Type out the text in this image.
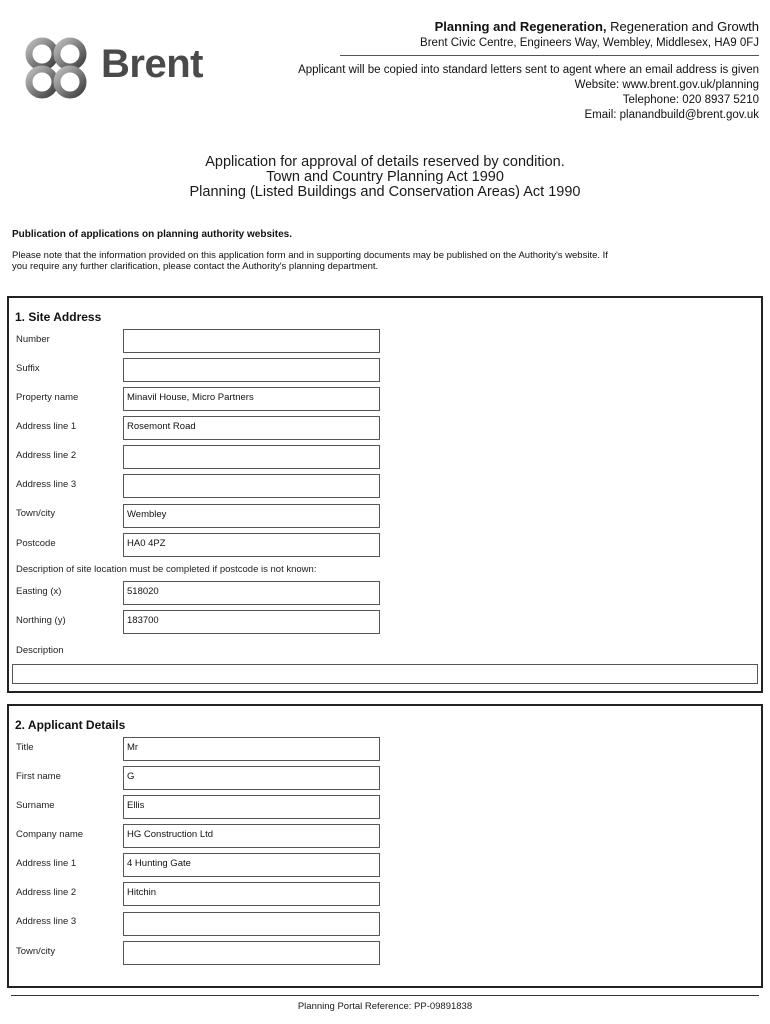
Brent
Planning and Regeneration, Regeneration and Growth
Brent Civic Centre, Engineers Way, Wembley, Middlesex, HA9 0FJ
Applicant will be copied into standard letters sent to agent where an email address is given
Website: www.brent.gov.uk/planning
Telephone: 020 8937 5210
Email: planandbuild@brent.gov.uk
Application for approval of details reserved by condition.
Town and Country Planning Act 1990
Planning (Listed Buildings and Conservation Areas) Act 1990
Publication of applications on planning authority websites.
Please note that the information provided on this application form and in supporting documents may be published on the Authority's website. If
you require any further clarification, please contact the Authority's planning department.
1. Site Address
Number
Suffix
Property name	Minavil House, Micro Partners
Address line 1	Rosemont Road
Address line 2
Address line 3
Town/city	Wembley
Postcode	HA0 4PZ
Description of site location must be completed if postcode is not known:
Easting (x)	518020
Northing (y)	183700
Description
2. Applicant Details
Title	Mr
First name	G
Surname	Ellis
Company name	HG Construction Ltd
Address line 1	4 Hunting Gate
Address line 2	Hitchin
Address line 3
Town/city
Planning Portal Reference: PP-09891838
